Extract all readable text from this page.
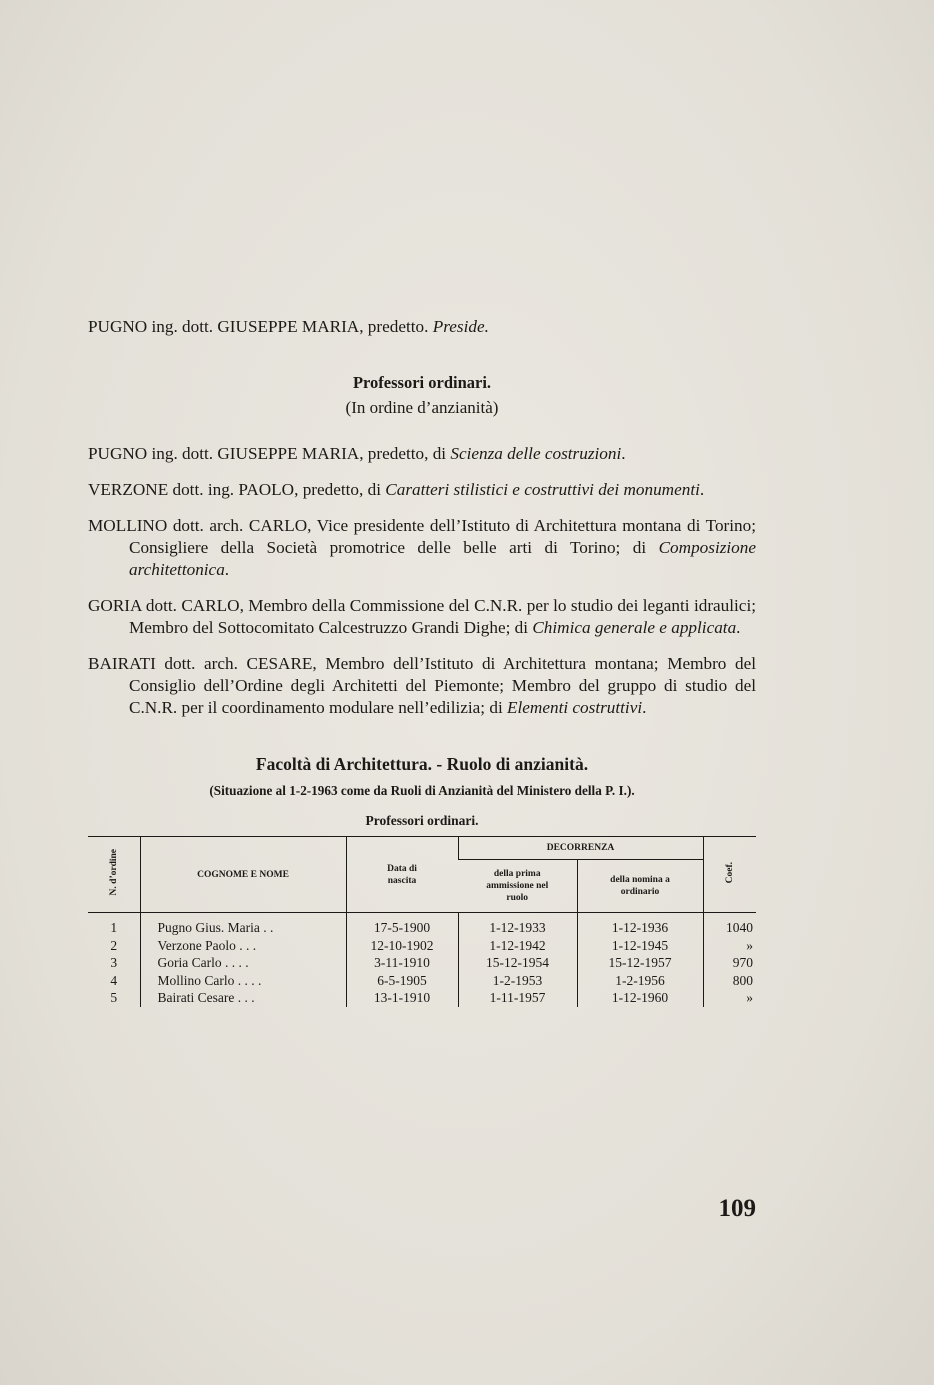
PUGNO ing. dott. GIUSEPPE MARIA, predetto. Preside.

Professori ordinari.

(In ordine d’anzianità)

PUGNO ing. dott. GIUSEPPE MARIA, predetto, di Scienza delle costruzioni.

VERZONE dott. ing. PAOLO, predetto, di Caratteri stilistici e costruttivi dei monumenti.

MOLLINO dott. arch. CARLO, Vice presidente dell’Istituto di Architettura montana di Torino; Consigliere della Società promotrice delle belle arti di Torino; di Composizione architettonica.

GORIA dott. CARLO, Membro della Commissione del C.N.R. per lo studio dei leganti idraulici; Membro del Sottocomitato Calcestruzzo Grandi Dighe; di Chimica generale e applicata.

BAIRATI dott. arch. CESARE, Membro dell’Istituto di Architettura montana; Membro del Consiglio dell’Ordine degli Architetti del Piemonte; Membro del gruppo di studio del C.N.R. per il coordinamento modulare nell’edilizia; di Elementi costruttivi.

Facoltà di Architettura. - Ruolo di anzianità.

(Situazione al 1-2-1963 come da Ruoli di Anzianità del Ministero della P. I.).

Professori ordinari.

N. d’ordine	COGNOME E NOME	Data di nascita	DECORRENZA		Coef.

			della prima ammissione nel ruolo	della nomina a ordinario	

1	Pugno Gius. Maria . .	17-5-1900	1-12-1933	1-12-1936	1040
2	Verzone Paolo . . .	12-10-1902	1-12-1942	1-12-1945	»
3	Goria Carlo . . . .	3-11-1910	15-12-1954	15-12-1957	970
4	Mollino Carlo . . . .	6-5-1905	1-2-1953	1-2-1956	800
5	Bairati Cesare . . .	13-1-1910	1-11-1957	1-12-1960	»
109
